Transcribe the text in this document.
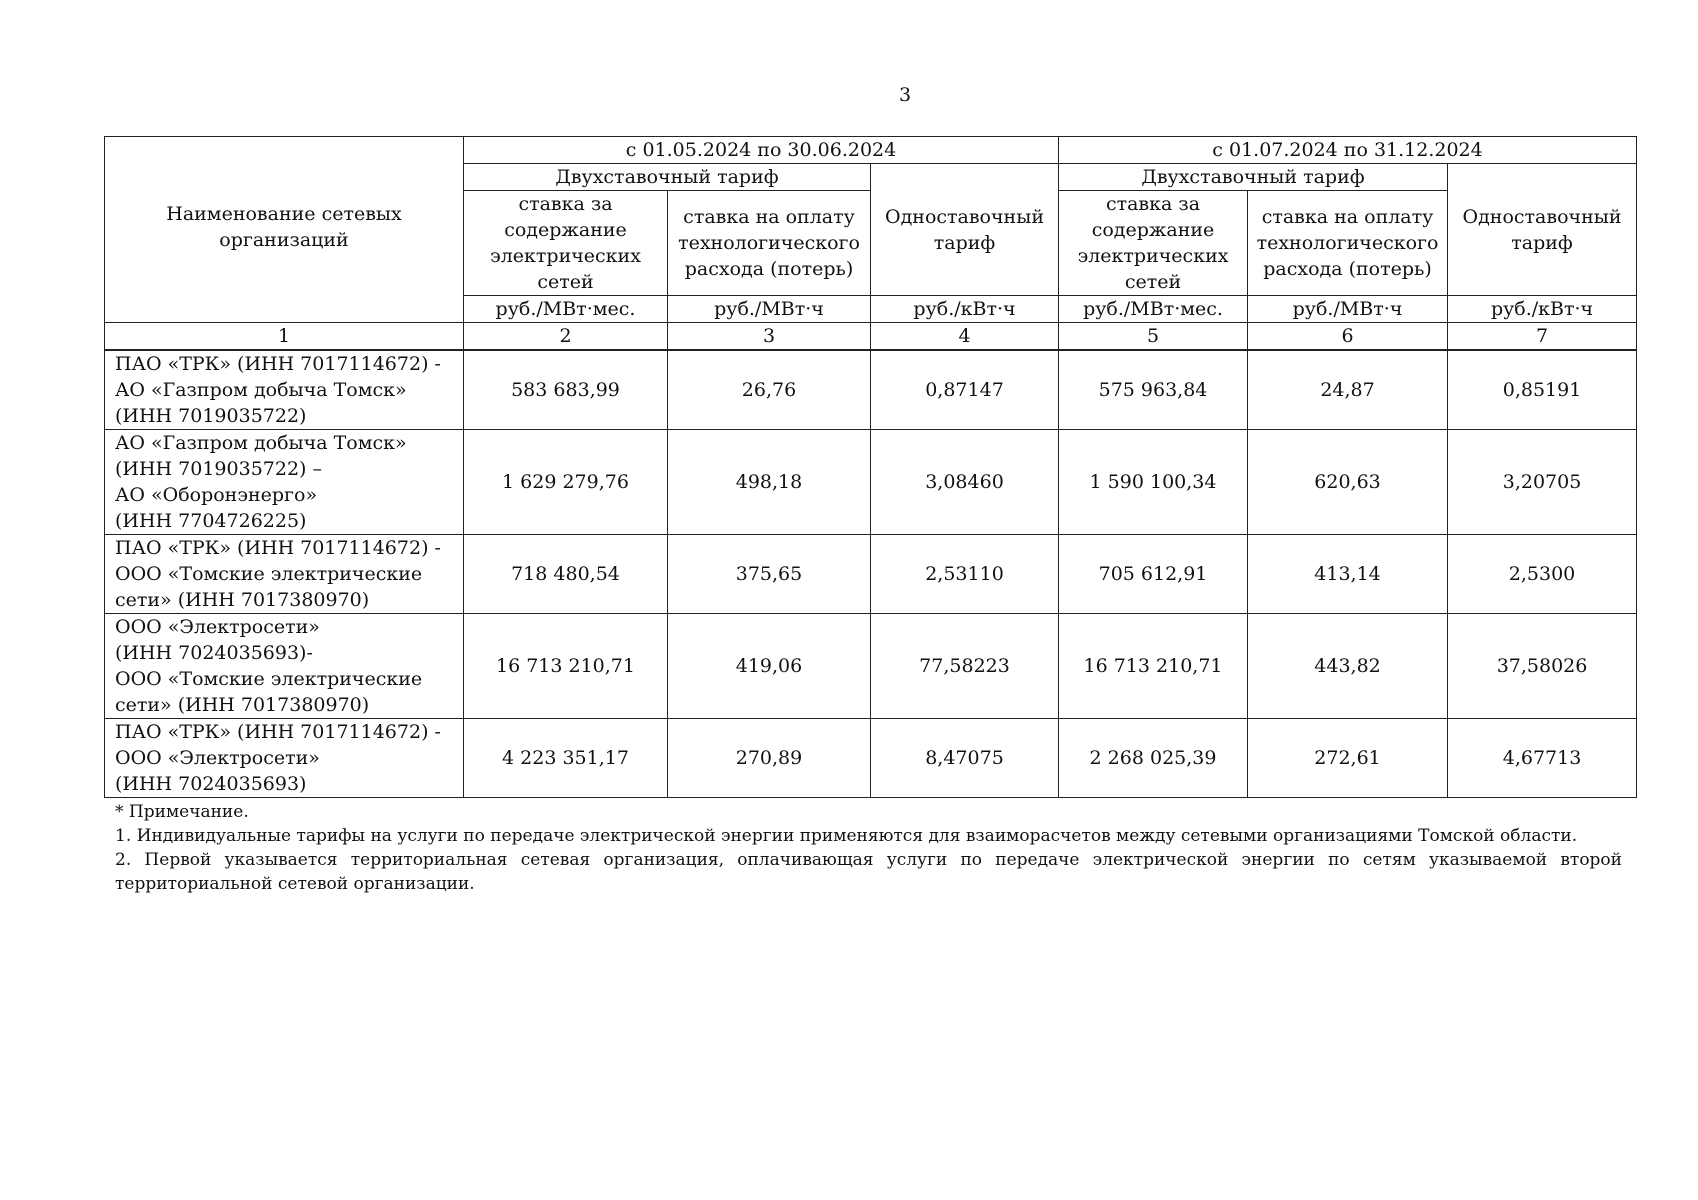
3
Наименование сетевых организаций	с 01.05.2024 по 30.06.2024			с 01.07.2024 по 31.12.2024		
	Двухставочный тариф		Одноставочный тариф	Двухставочный тариф		Одноставочный тариф
	ставка за содержание электрических сетей	ставка на оплату технологического расхода (потерь)		ставка за содержание электрических сетей	ставка на оплату технологического расхода (потерь)	
	руб./МВт·мес.	руб./МВт·ч	руб./кВт·ч	руб./МВт·мес.	руб./МВт·ч	руб./кВт·ч
1	2	3	4	5	6	7
ПАО «ТРК» (ИНН 7017114672) -
АО «Газпром добыча Томск»
(ИНН 7019035722)	583 683,99	26,76	0,87147	575 963,84	24,87	0,85191
АО «Газпром добыча Томск»
(ИНН 7019035722) –
АО «Оборонэнерго»
(ИНН 7704726225)	1 629 279,76	498,18	3,08460	1 590 100,34	620,63	3,20705
ПАО «ТРК» (ИНН 7017114672) -
ООО «Томские электрические
сети» (ИНН 7017380970)	718 480,54	375,65	2,53110	705 612,91	413,14	2,5300
ООО «Электросети»
(ИНН 7024035693)-
ООО «Томские электрические
сети» (ИНН 7017380970)	16 713 210,71	419,06	77,58223	16 713 210,71	443,82	37,58026
ПАО «ТРК» (ИНН 7017114672) -
ООО «Электросети»
(ИНН 7024035693)	4 223 351,17	270,89	8,47075	2 268 025,39	272,61	4,67713

* Примечание.

1. Индивидуальные тарифы на услуги по передаче электрической энергии применяются для взаиморасчетов между сетевыми организациями Томской области.

2. Первой указывается территориальная сетевая организация, оплачивающая услуги по передаче электрической энергии по сетям указываемой второй территориальной сетевой организации.
